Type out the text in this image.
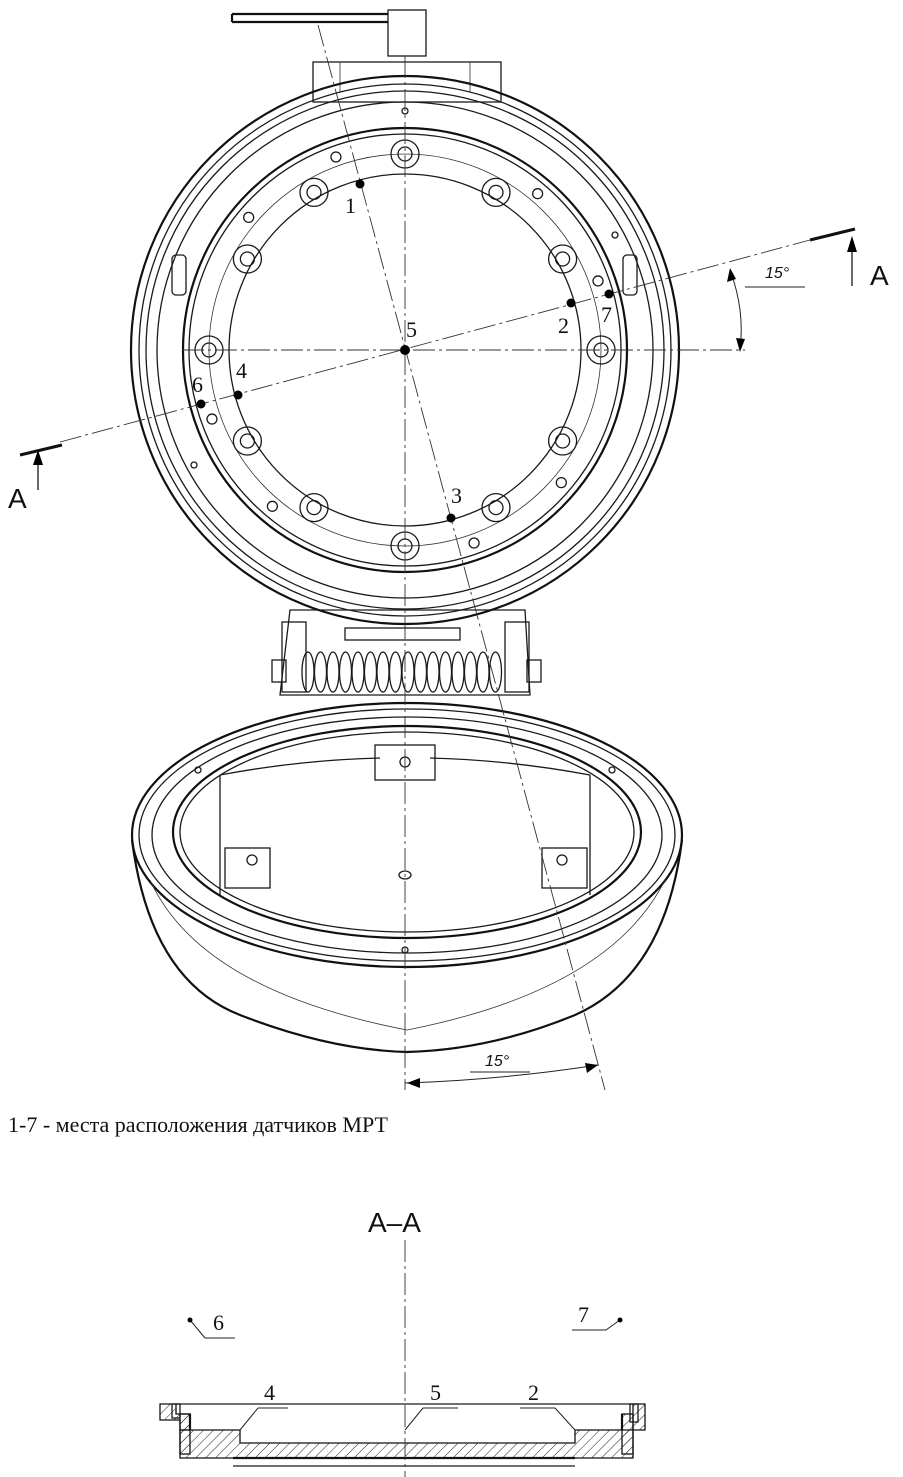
А
А
15°
15°
1
2
3
4
5
6
7
1-7 - места расположения датчиков МРТ
А–А
6	7
4	5	2
